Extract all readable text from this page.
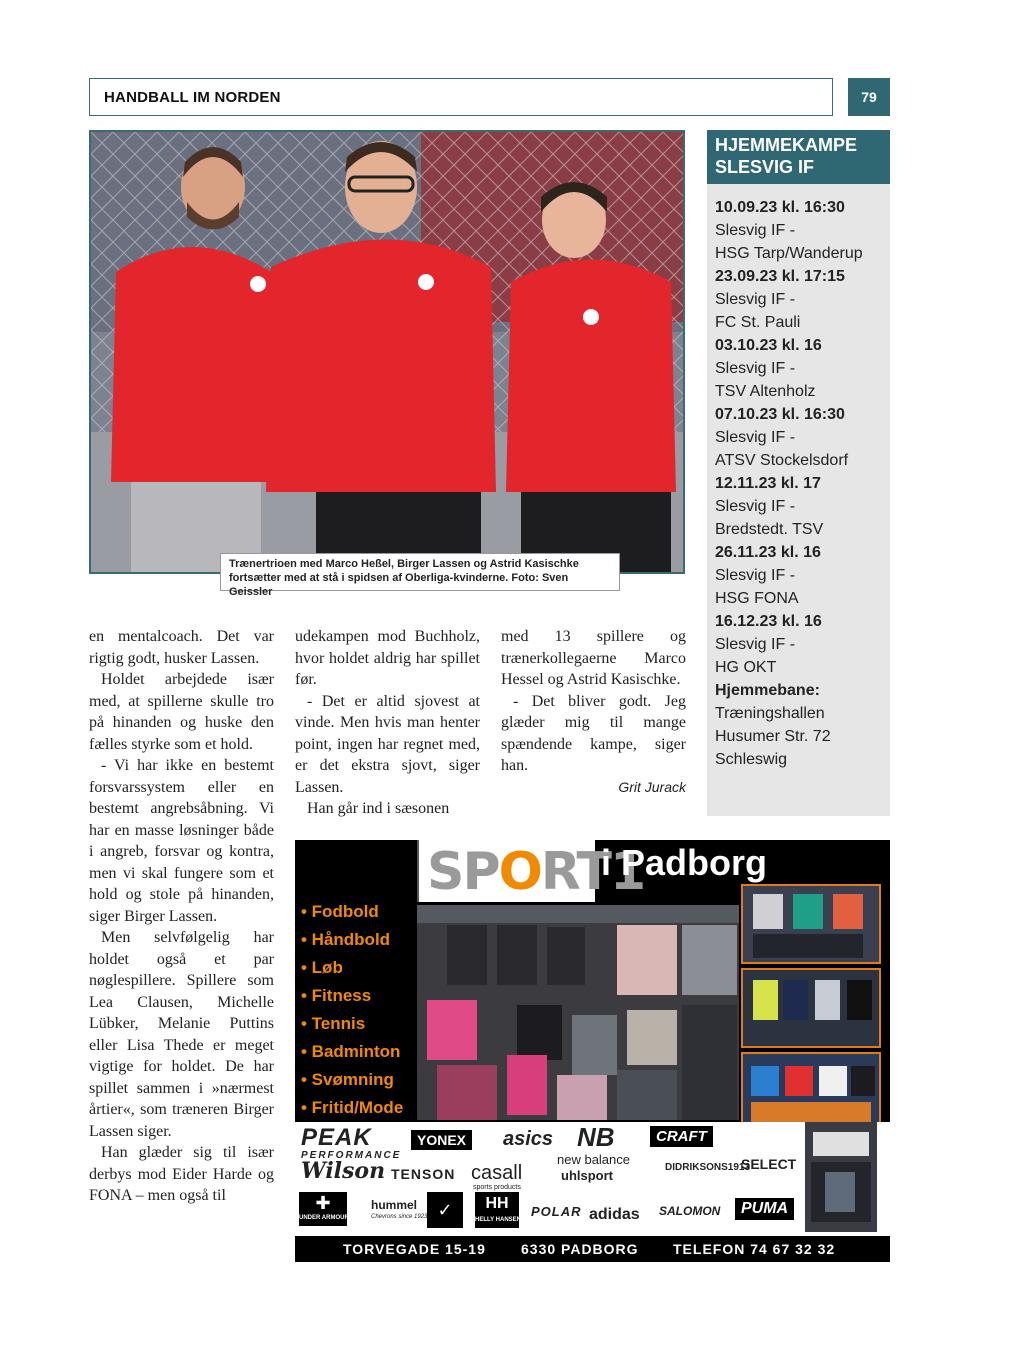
HANDBALL IM NORDEN	79
Trænertrioen med Marco Heßel, Birger Lassen og Astrid Kasischke fortsætter med at stå i spidsen af Oberliga-kvinderne. Foto: Sven Geissler
HJEMMEKAMPE
SLESVIG IF
10.09.23 kl. 16:30
Slesvig IF -
HSG Tarp/Wanderup
23.09.23 kl. 17:15
Slesvig IF -
FC St. Pauli
03.10.23 kl. 16
Slesvig IF -
TSV Altenholz
07.10.23 kl. 16:30
Slesvig IF -
ATSV Stockelsdorf
12.11.23 kl. 17
Slesvig IF -
Bredstedt. TSV
26.11.23 kl. 16
Slesvig IF -
HSG FONA
16.12.23 kl. 16
Slesvig IF -
HG OKT
Hjemmebane:
Træningshallen
Husumer Str. 72
Schleswig

en mentalcoach. Det var rigtig godt, husker Lassen.

Holdet arbejdede især med, at spillerne skulle tro på hinanden og huske den fælles styrke som et hold.

- Vi har ikke en bestemt forsvarssystem eller en bestemt angrebsåbning. Vi har en masse løsninger både i angreb, forsvar og kontra, men vi skal fungere som et hold og stole på hinanden, siger Birger Lassen.

Men selvfølgelig har holdet også et par nøglespillere. Spillere som Lea Clausen, Michelle Lübker, Melanie Puttins eller Lisa Thede er meget vigtige for holdet. De har spillet sammen i »nærmest årtier«, som træneren Birger Lassen siger.

Han glæder sig til især derbys mod Eider Harde og FONA – men også til

udekampen mod Buchholz, hvor holdet aldrig har spillet før.

- Det er altid sjovest at vinde. Men hvis man henter point, ingen har regnet med, er det ekstra sjovt, siger Lassen.

Han går ind i sæsonen

med 13 spillere og trænerkollegaerne Marco Hessel og Astrid Kasischke.

- Det bliver godt. Jeg glæder mig til mange spændende kampe, siger han.

Grit Jurack

SPORT1
i Padborg
• Fodbold
• Håndbold
• Løb
• Fitness
• Tennis
• Badminton
• Svømning
• Fritid/Mode
PEAK
PERFORMANCE
YONEX	asics NB
new balance
CRAFT
Wilson TENSON casall
sports products
uhlsport
DIDRIKSONS1913
SELECT
✚
UNDER ARMOUR
hummel
Chevrons since 1923 ✓	HH
HELLY HANSEN
POLAR adidas SALOMON	PUMA
TORVEGADE 15-19	6330 PADBORG TELEFON 74 67 32 32
